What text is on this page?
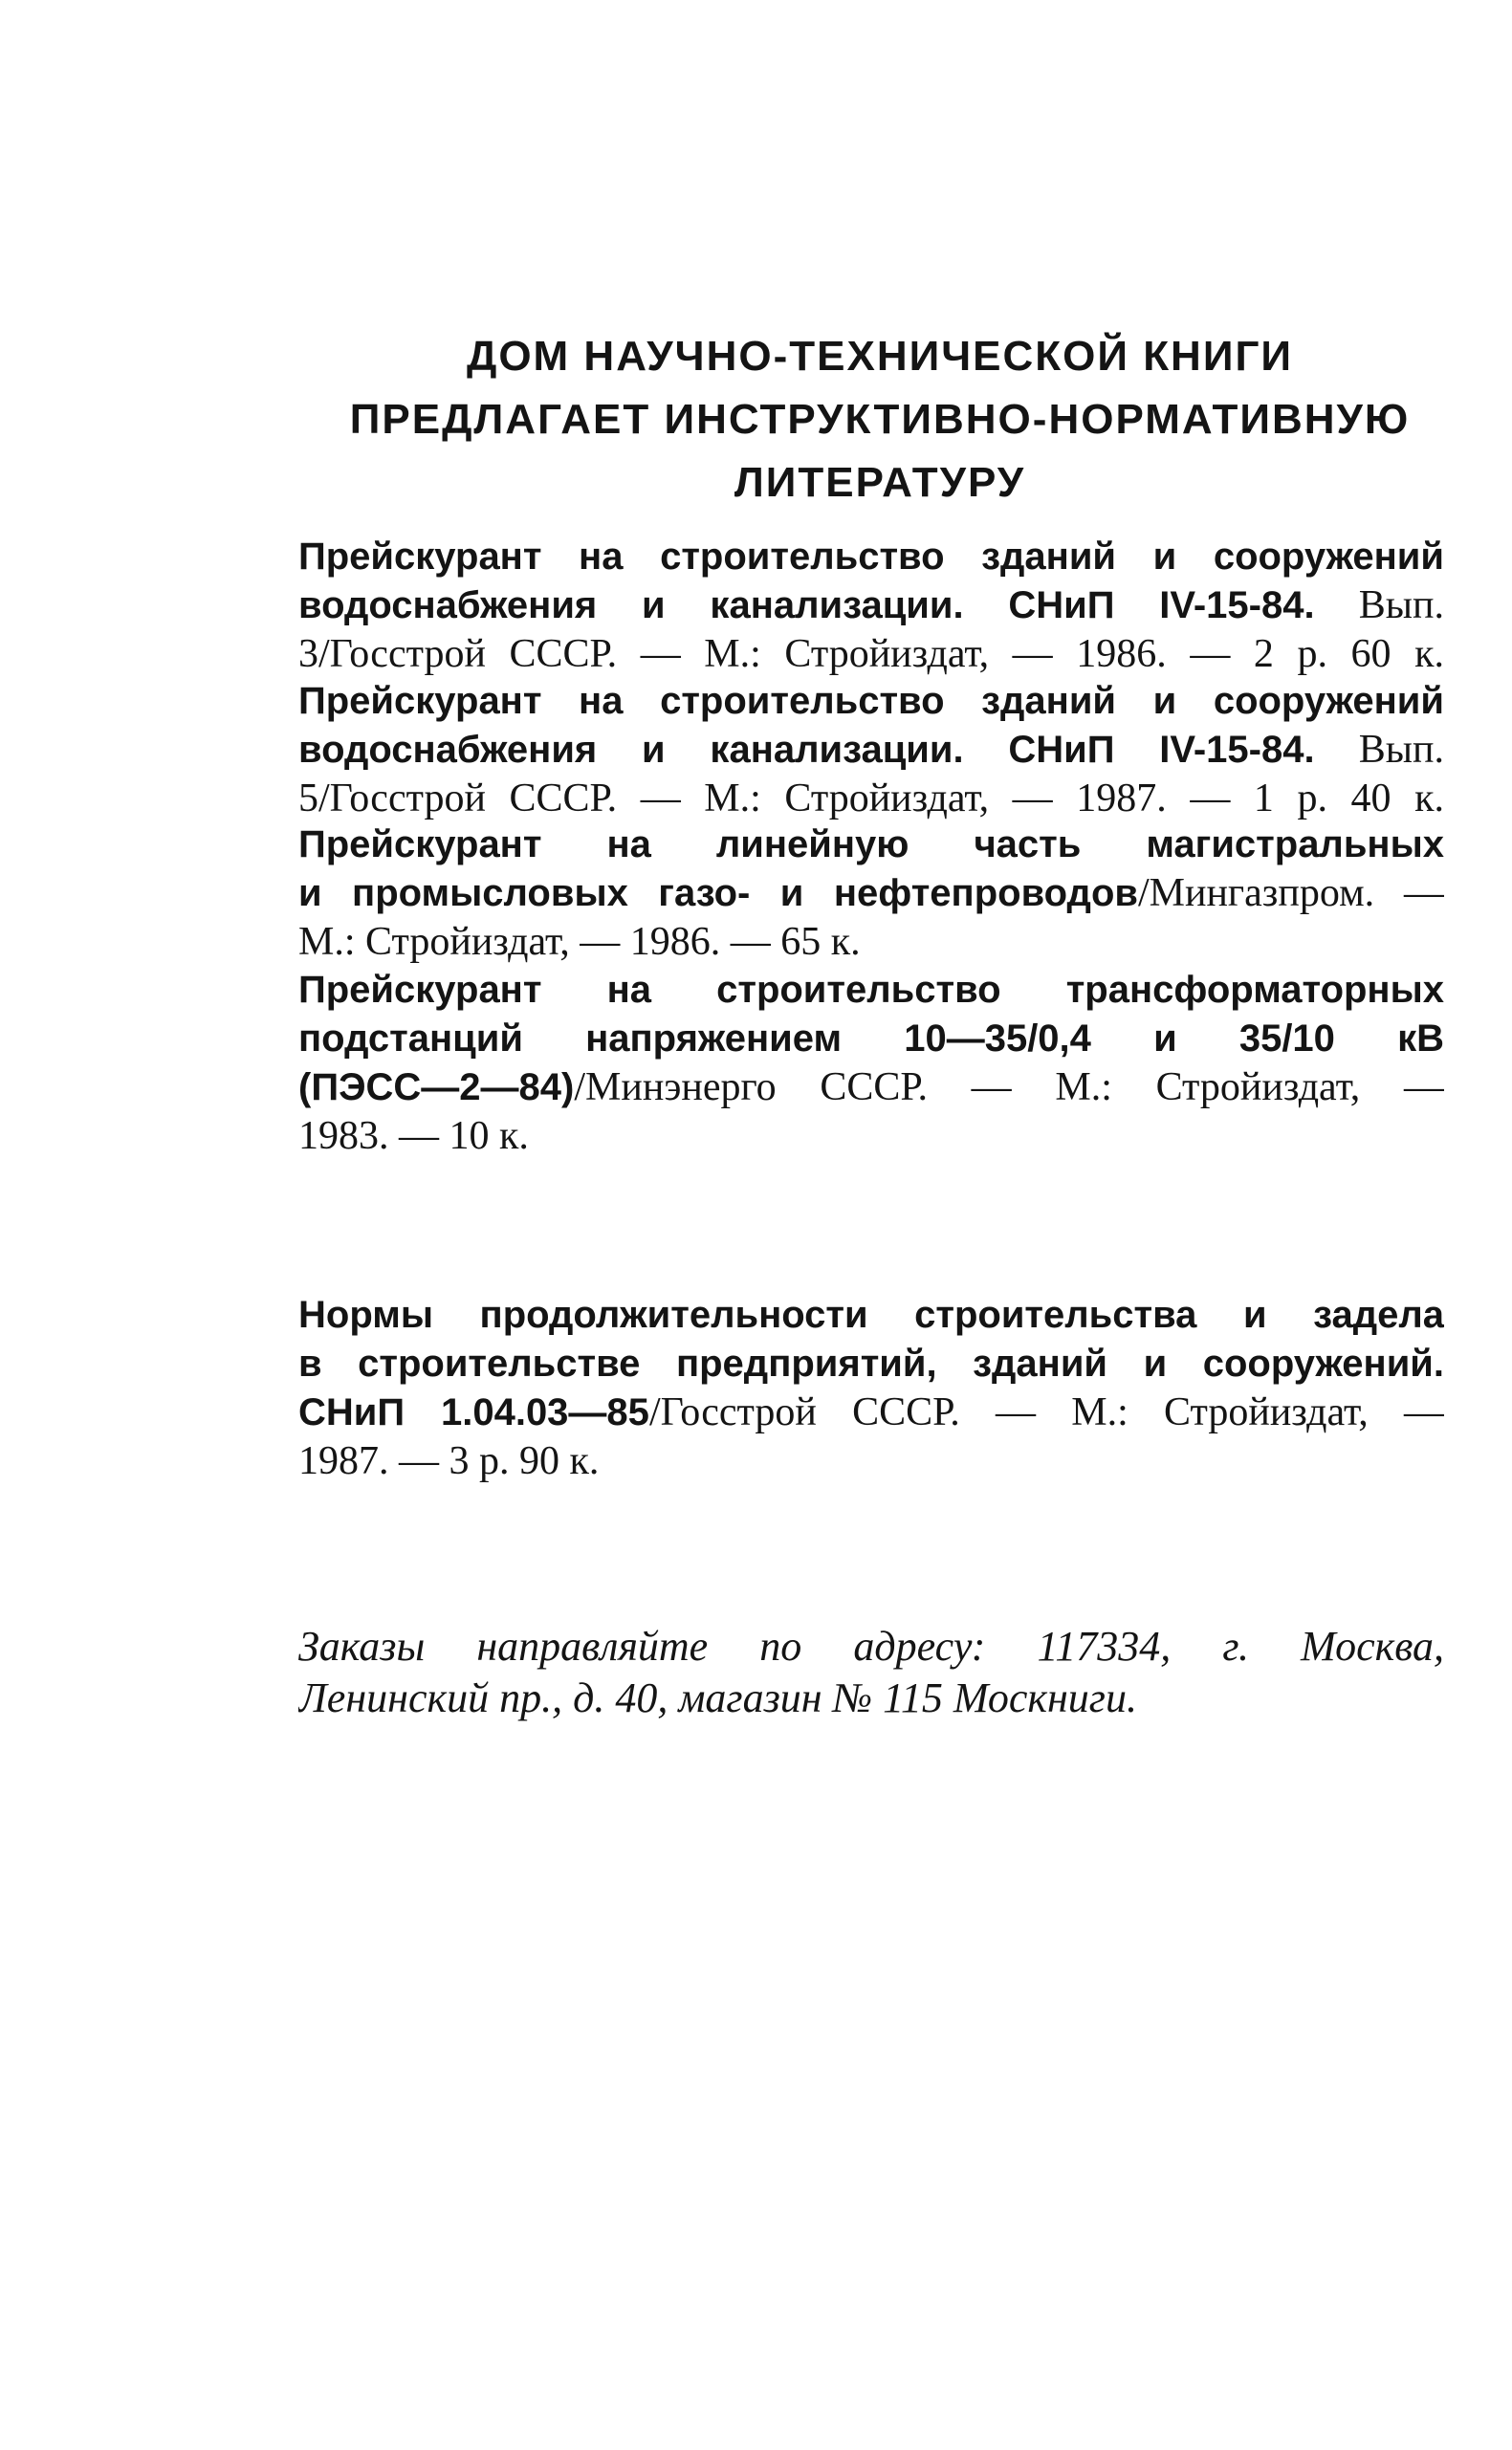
ДОМ НАУЧНО-ТЕХНИЧЕСКОЙ КНИГИ
ПРЕДЛАГАЕТ ИНСТРУКТИВНО-НОРМАТИВНУЮ
ЛИТЕРАТУРУ
Прейскурант на строительство зданий и сооружений
водоснабжения и канализации. СНиП IV-15-84. Вып.
3/Госстрой СССР. — М.: Стройиздат, — 1986. — 2 р. 60 к.
Прейскурант на строительство зданий и сооружений
водоснабжения и канализации. СНиП IV-15-84. Вып.
5/Госстрой СССР. — М.: Стройиздат, — 1987. — 1 р. 40 к.
Прейскурант на линейную часть магистральных
и промысловых газо- и нефтепроводов/Мингазпром. —
М.: Стройиздат, — 1986. — 65 к.
Прейскурант на строительство трансформаторных
подстанций напряжением 10—35/0,4 и 35/10 кВ
(ПЭСС—2—84)/Минэнерго СССР. — М.: Стройиздат, —
1983. — 10 к.
Нормы продолжительности строительства и задела
в строительстве предприятий, зданий и сооружений.
СНиП 1.04.03—85/Госстрой СССР. — М.: Стройиздат, —
1987. — 3 р. 90 к.
Заказы направляйте по адресу: 117334, г. Москва,
Ленинский пр., д. 40, магазин № 115 Москниги.
